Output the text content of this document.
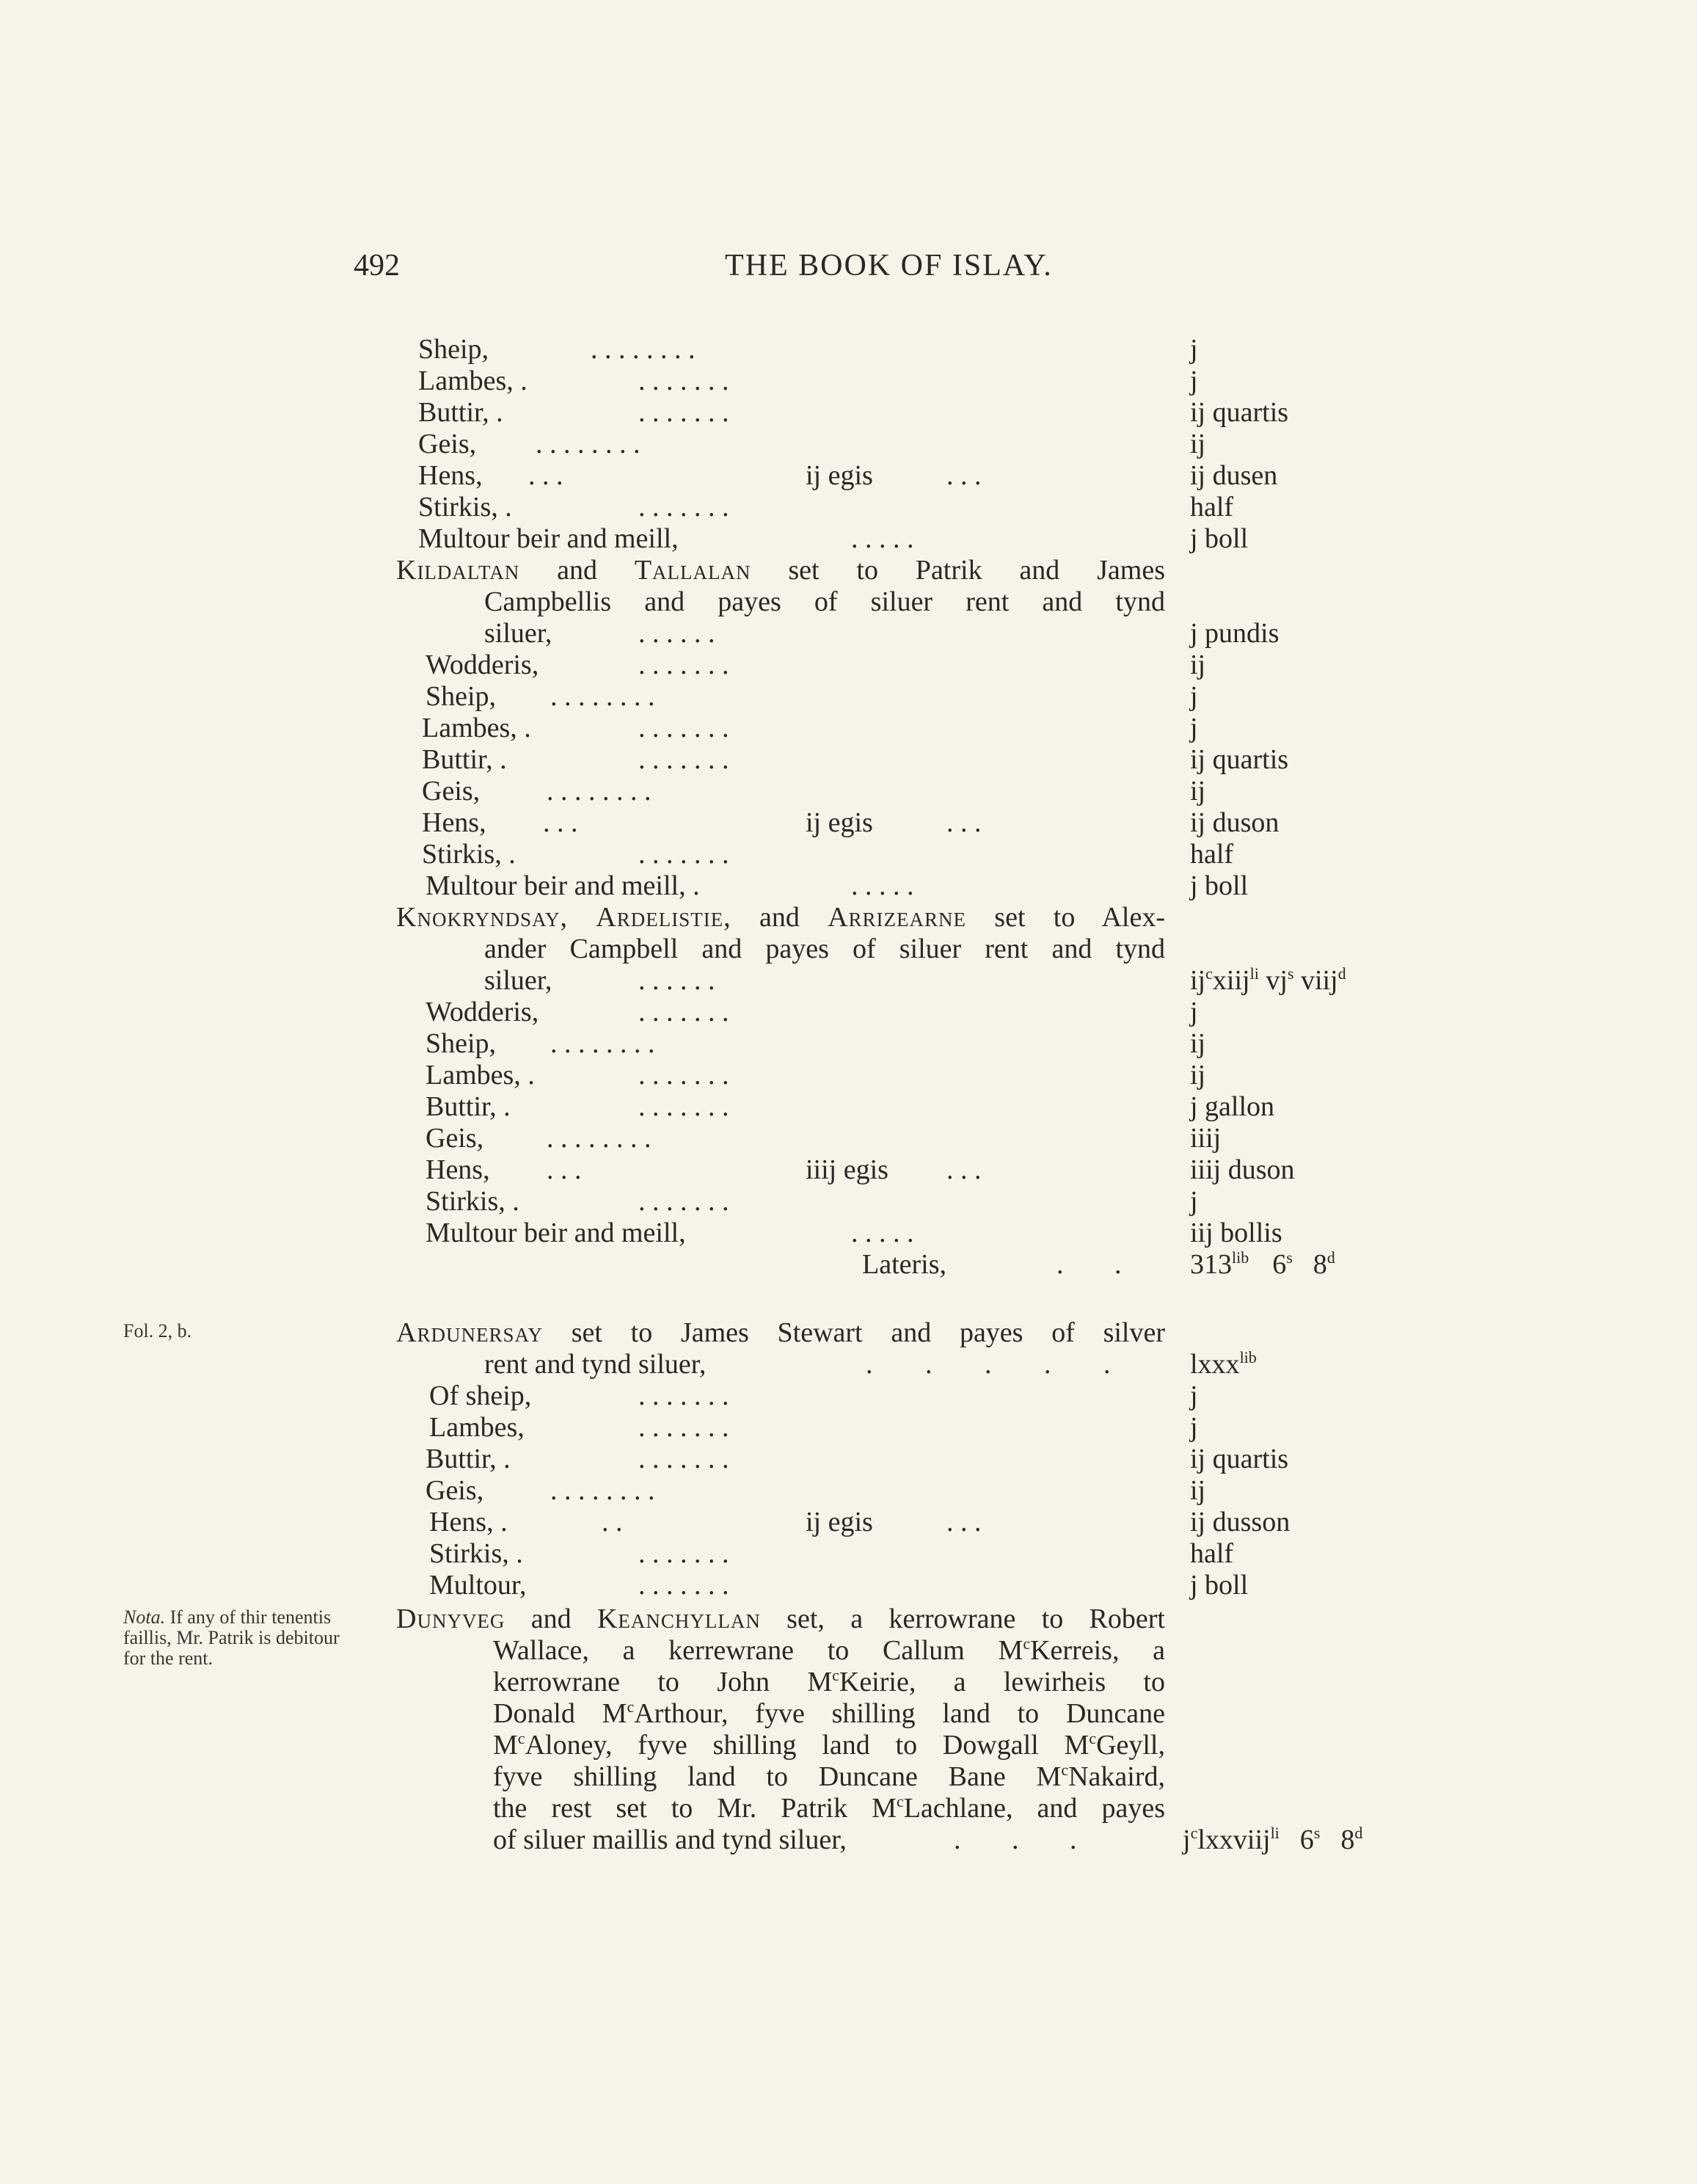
492	THE BOOK OF ISLAY.
Sheip,	. . . . . . . .	j
Lambes, .	. . . . . . .	j
Buttir, .	. . . . . . .	ij quartis
Geis, . . . . . . . .	ij
Hens, . . .	ij egis	. . .	ij dusen
Stirkis, .	. . . . . . .	half
Multour beir and meill,	. . . . .	j boll
Kildaltan and Tallalan set to Patrik and James
Campbellis and payes of siluer rent and tynd
siluer,	. . . . . .	j pundis
Wodderis,	. . . . . . .	ij
Sheip, . . . . . . . .	j
Lambes, .	. . . . . . .	j
Buttir, .	. . . . . . .	ij quartis
Geis, . . . . . . . .	ij
Hens, . . .	ij egis	. . .	ij duson
Stirkis, .	. . . . . . .	half
Multour beir and meill, .	. . . . .	j boll
Knokryndsay, Ardelistie, and Arrizearne set to Alex-
ander Campbell and payes of siluer rent and tynd
siluer,	. . . . . .	$ij^cxiij^{li}$ $vj^s$ viij$^d$
Wodderis,	. . . . . . .	j
Sheip, . . . . . . . .	ij
Lambes, .	. . . . . . .	ij
Buttir, .	. . . . . . .	j gallon
Geis, . . . . . . . .	iiij
Hens, . . .	iiij egis . . .	iiij duson
Stirkis, .	. . . . . . .	j
Multour beir and meill,	. . . . .	iij bollis
Lateris,	. . $313^{lib}$ 6$^s$ 8$^d$
Fol. 2, b.	Ardunersay set to James Stewart and payes of silver
rent and tynd siluer,	. . . . .	lxxx$^{lib}$
Of sheip,	. . . . . . .	j
Lambes,	. . . . . . .	j
Buttir, .	. . . . . . .	ij quartis
Geis, . . . . . . . .	ij
Hens, .	. .	ij egis	. . .	ij dusson
Stirkis, .	. . . . . . .	half
Multour,	. . . . . . .	j boll
Nota. If any of thir tenentis faillis, Mr. Patrik is debitour for the rent.
Dunyveg and Keanchyllan set, a kerrowrane to Robert
Wallace, a kerrewrane to Callum $M^cKerreis$, a
kerrowrane to John $M^cKeirie$, a lewirheis to
Donald $M^cArthour$, fyve shilling land to Duncane
$M^cAloney$, fyve shilling land to Dowgall $M^cGeyll$,
fyve shilling land to Duncane Bane $M^cNakaird$,
the rest set to Mr. Patrik $M^cLachlane$, and payes
of siluer maillis and tynd siluer,	. . .	$j^clxxviij^{li}$ 6$^s$ 8$^d$
